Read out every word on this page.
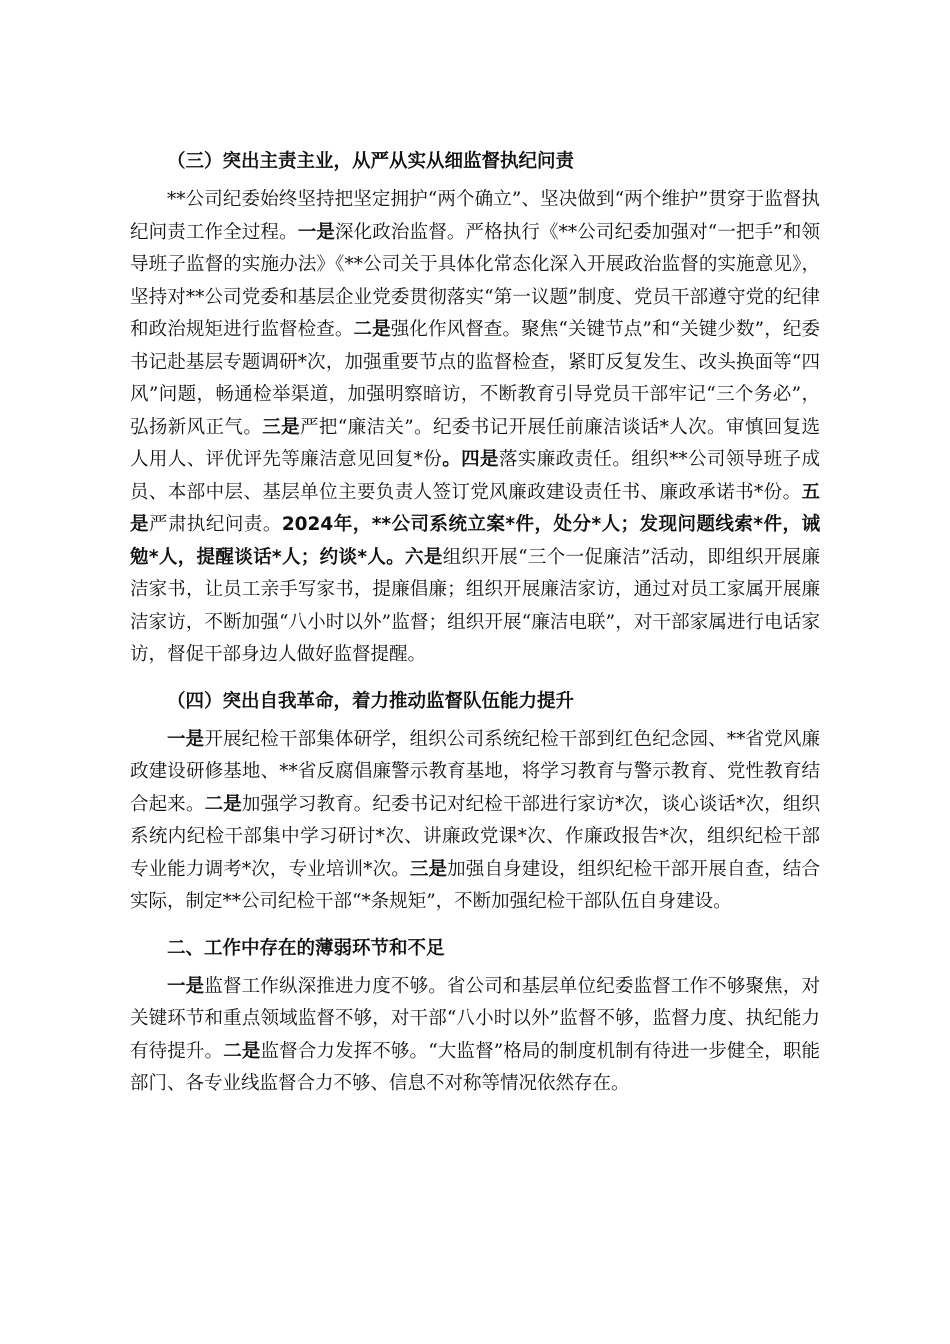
（三）突出主责主业，从严从实从细监督执纪问责

**公司纪委始终坚持把坚定拥护“两个确立”、坚决做到“两个维护”贯穿于监督执纪问责工作全过程。一是深化政治监督。严格执行《**公司纪委加强对“一把手”和领导班子监督的实施办法》《**公司关于具体化常态化深入开展政治监督的实施意见》，坚持对**公司党委和基层企业党委贯彻落实“第一议题”制度、党员干部遵守党的纪律和政治规矩进行监督检查。二是强化作风督查。聚焦“关键节点”和“关键少数”，纪委书记赴基层专题调研*次，加强重要节点的监督检查，紧盯反复发生、改头换面等“四风”问题，畅通检举渠道，加强明察暗访，不断教育引导党员干部牢记“三个务必”，弘扬新风正气。三是严把“廉洁关”。纪委书记开展任前廉洁谈话*人次。审慎回复选人用人、评优评先等廉洁意见回复*份。四是落实廉政责任。组织**公司领导班子成员、本部中层、基层单位主要负责人签订党风廉政建设责任书、廉政承诺书*份。五是严肃执纪问责。2024年，**公司系统立案*件，处分*人；发现问题线索*件，诫勉*人，提醒谈话*人；约谈*人。六是组织开展“三个一促廉洁”活动，即组织开展廉洁家书，让员工亲手写家书，提廉倡廉；组织开展廉洁家访，通过对员工家属开展廉洁家访，不断加强“八小时以外”监督；组织开展“廉洁电联”，对干部家属进行电话家访，督促干部身边人做好监督提醒。

（四）突出自我革命，着力推动监督队伍能力提升

一是开展纪检干部集体研学，组织公司系统纪检干部到红色纪念园、**省党风廉政建设研修基地、**省反腐倡廉警示教育基地，将学习教育与警示教育、党性教育结合起来。二是加强学习教育。纪委书记对纪检干部进行家访*次，谈心谈话*次，组织系统内纪检干部集中学习研讨*次、讲廉政党课*次、作廉政报告*次，组织纪检干部专业能力调考*次，专业培训*次。三是加强自身建设，组织纪检干部开展自查，结合实际，制定**公司纪检干部“*条规矩”，不断加强纪检干部队伍自身建设。

二、工作中存在的薄弱环节和不足

一是监督工作纵深推进力度不够。省公司和基层单位纪委监督工作不够聚焦，对关键环节和重点领域监督不够，对干部“八小时以外”监督不够，监督力度、执纪能力有待提升。二是监督合力发挥不够。“大监督”格局的制度机制有待进一步健全，职能部门、各专业线监督合力不够、信息不对称等情况依然存在。
